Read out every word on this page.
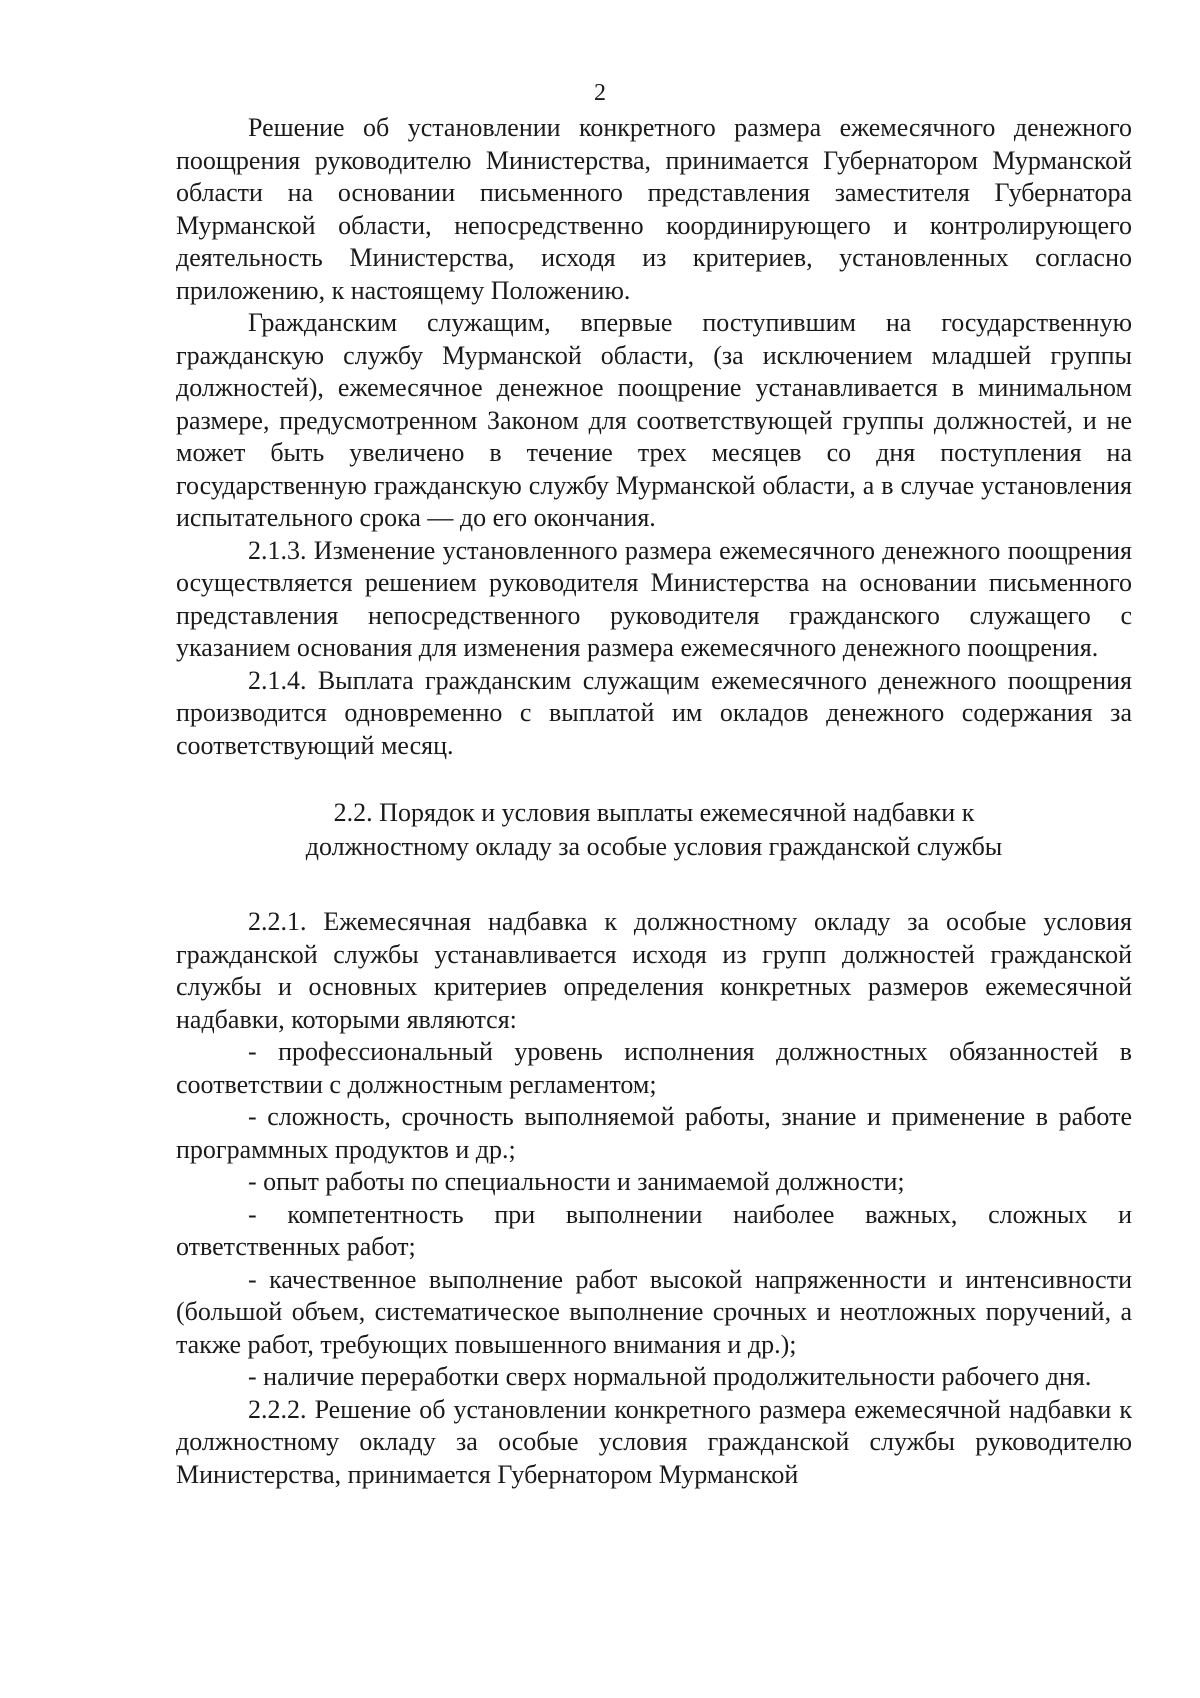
2

Решение об установлении конкретного размера ежемесячного денежного поощрения руководителю Министерства, принимается Губернатором Мурманской области на основании письменного представления заместителя Губернатора Мурманской области, непосредственно координирующего и контролирующего деятельность Министерства, исходя из критериев, установленных согласно приложению, к настоящему Положению.

Гражданским служащим, впервые поступившим на государственную гражданскую службу Мурманской области, (за исключением младшей группы должностей), ежемесячное денежное поощрение устанавливается в минимальном размере, предусмотренном Законом для соответствующей группы должностей, и не может быть увеличено в течение трех месяцев со дня поступления на государственную гражданскую службу Мурманской области, а в случае установления испытательного срока — до его окончания.

2.1.3. Изменение установленного размера ежемесячного денежного поощрения осуществляется решением руководителя Министерства на основании письменного представления непосредственного руководителя гражданского служащего с указанием основания для изменения размера ежемесячного денежного поощрения.

2.1.4. Выплата гражданским служащим ежемесячного денежного поощрения производится одновременно с выплатой им окладов денежного содержания за соответствующий месяц.

2.2. Порядок и условия выплаты ежемесячной надбавки к
должностному окладу за особые условия гражданской службы

2.2.1. Ежемесячная надбавка к должностному окладу за особые условия гражданской службы устанавливается исходя из групп должностей гражданской службы и основных критериев определения конкретных размеров ежемесячной надбавки, которыми являются:

- профессиональный уровень исполнения должностных обязанностей в соответствии с должностным регламентом;

- сложность, срочность выполняемой работы, знание и применение в работе программных продуктов и др.;

- опыт работы по специальности и занимаемой должности;

- компетентность при выполнении наиболее важных, сложных и ответственных работ;

- качественное выполнение работ высокой напряженности и интенсивности (большой объем, систематическое выполнение срочных и неотложных поручений, а также работ, требующих повышенного внимания и др.);

- наличие переработки сверх нормальной продолжительности рабочего дня.

2.2.2. Решение об установлении конкретного размера ежемесячной надбавки к должностному окладу за особые условия гражданской службы руководителю Министерства, принимается Губернатором Мурманской
